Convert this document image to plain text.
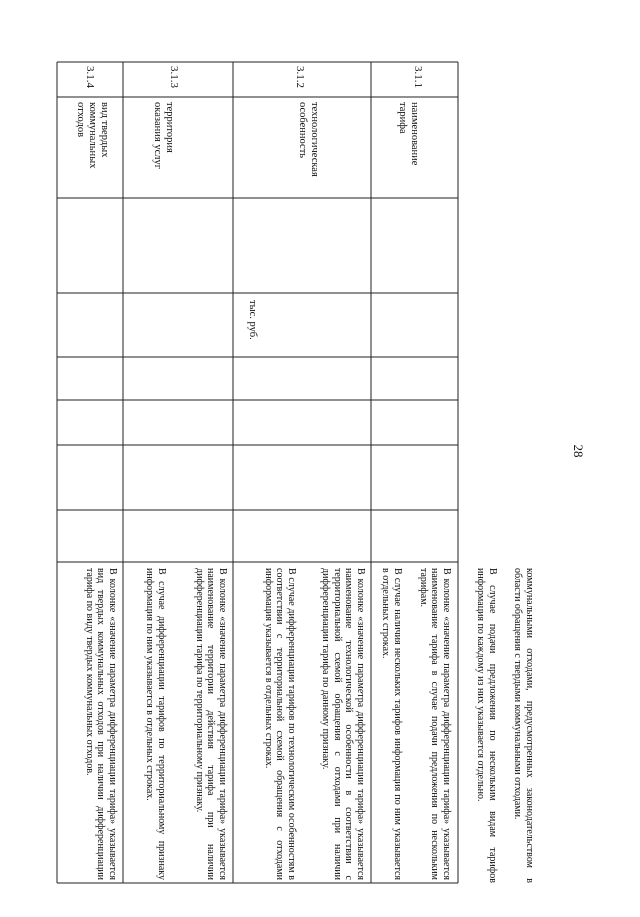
28
коммунальными отходами, предусмотренных законодательством в области обращения с твердыми коммунальными отходами.
В случае подачи предложения по нескольким видам тарифов информация по каждому из них указывается отдельно.
3.1.1
наименование тарифа
В колонке «значение параметра дифференциации тарифа» указывается наименование тарифа в случае подачи предложения по нескольким тарифам.
В случае наличия нескольких тарифов информация по ним указывается в отдельных строках.
3.1.2
технологическая особенность
тыс. руб.
В колонке «значение параметра дифференциации тарифа» указывается наименование технологической особенности в соответствии с территориальной схемой обращения с отходами при наличии дифференциации тарифа по данному признаку.
В случае дифференциации тарифов по технологическим особенностям в соответствии с территориальной схемой обращения с отходами информация указывается в отдельных строках.
3.1.3
территория оказания услуг
В колонке «значение параметра дифференциации тарифа» указывается наименование территории действия тарифа при наличии дифференциации тарифа по территориальному признаку.
В случае дифференциации тарифов по территориальному признаку информация по ним указывается в отдельных строках.
3.1.4
вид твердых коммунальных отходов
В колонке «значение параметра дифференциации тарифа» указывается вид твердых коммунальных отходов при наличии дифференциации тарифа по виду твердых коммунальных отходов.
